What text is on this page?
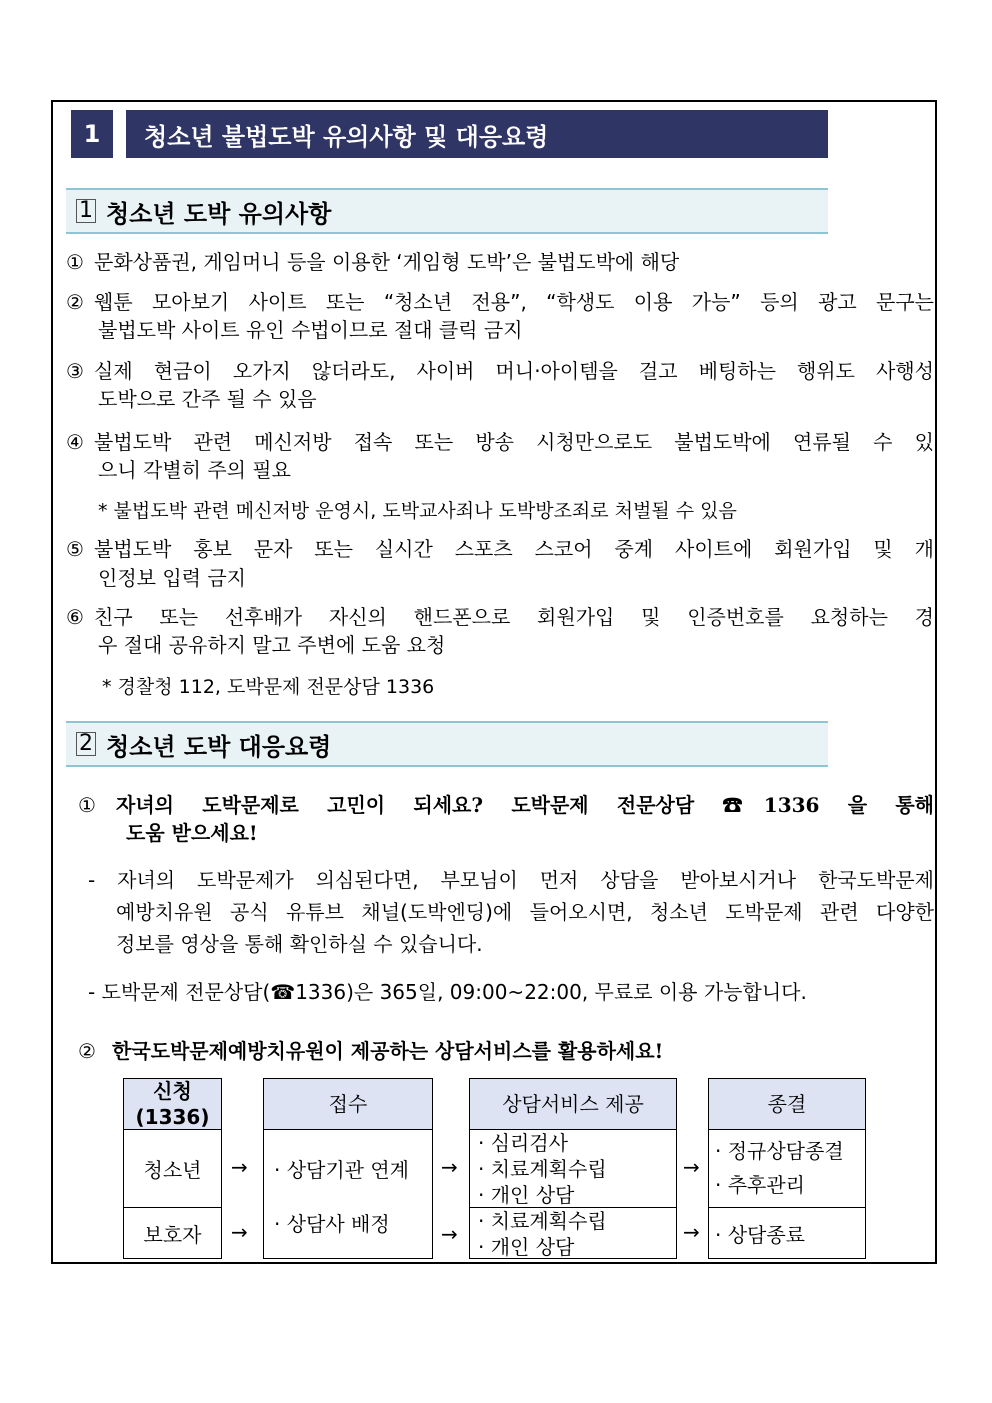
1	청소년 불법도박 유의사항 및 대응요령
1 청소년 도박 유의사항
① 문화상품권, 게임머니 등을 이용한 ‘게임형 도박’은 불법도박에 해당
② 웹툰 모아보기 사이트 또는 “청소년 전용”, “학생도 이용 가능” 등의 광고 문구는
불법도박 사이트 유인 수법이므로 절대 클릭 금지
③ 실제 현금이 오가지 않더라도, 사이버 머니·아이템을 걸고 베팅하는 행위도 사행성
도박으로 간주 될 수 있음
④ 불법도박 관련 메신저방 접속 또는 방송 시청만으로도 불법도박에 연류될 수 있
으니 각별히 주의 필요
* 불법도박 관련 메신저방 운영시, 도박교사죄나 도박방조죄로 처벌될 수 있음
⑤ 불법도박 홍보 문자 또는 실시간 스포츠 스코어 중계 사이트에 회원가입 및 개
인정보 입력 금지
⑥ 친구 또는 선후배가 자신의 핸드폰으로 회원가입 및 인증번호를 요청하는 경
우 절대 공유하지 말고 주변에 도움 요청
* 경찰청 112, 도박문제 전문상담 1336
2 청소년 도박 대응요령
①	자녀의 도박문제로 고민이 되세요? 도박문제 전문상담 ☎1336 을 통해
도움 받으세요!
- 자녀의 도박문제가 의심된다면, 부모님이 먼저 상담을 받아보시거나 한국도박문제
예방치유원 공식 유튜브 채널(도박엔딩)에 들어오시면, 청소년 도박문제 관련 다양한
정보를 영상을 통해 확인하실 수 있습니다.
- 도박문제 전문상담(☎1336)은 365일, 09:00~22:00, 무료로 이용 가능합니다.
② 한국도박문제예방치유원이 제공하는 상담서비스를 활용하세요!
신청
(1336)
청소년
보호자
→
→
접수
· 상담기관 연계
· 상담사 배정
→
→
상담서비스 제공
· 심리검사
· 치료계획수립
· 개인 상담
· 치료계획수립
· 개인 상담
→
→
종결
· 정규상담종결
· 추후관리
· 상담종료
